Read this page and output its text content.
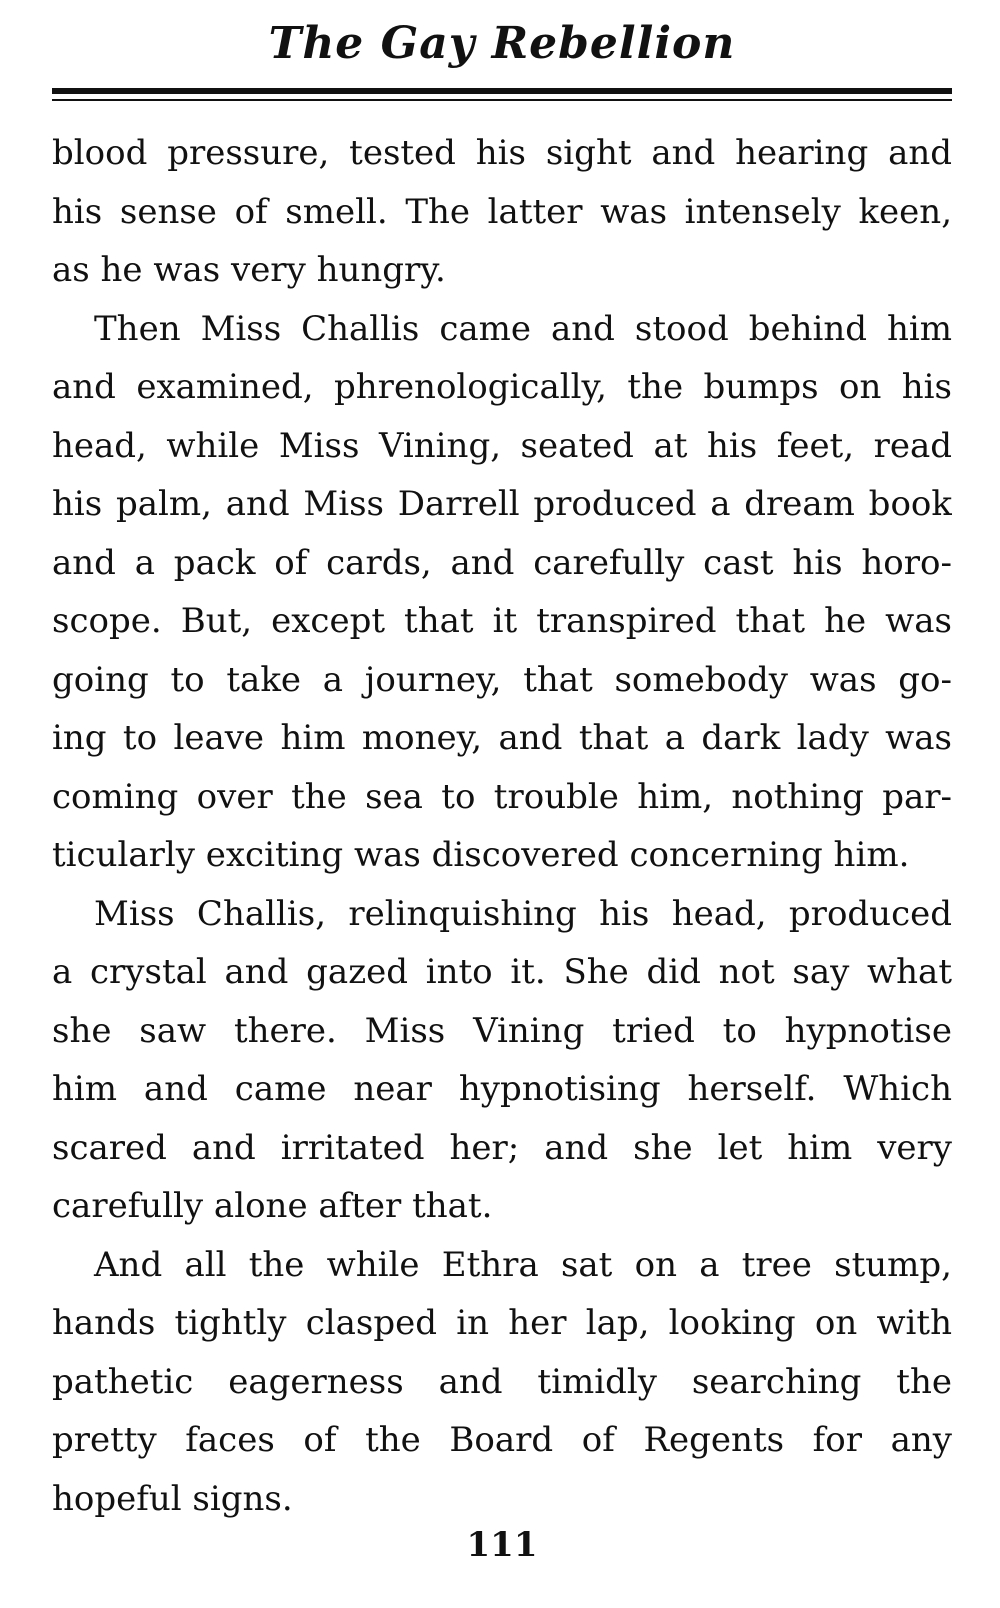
The Gay Rebellion
blood pressure, tested his sight and hearing and
his sense of smell. The latter was intensely keen,
as he was very hungry.
Then Miss Challis came and stood behind him
and examined, phrenologically, the bumps on his
head, while Miss Vining, seated at his feet, read
his palm, and Miss Darrell produced a dream book
and a pack of cards, and carefully cast his horo-
scope. But, except that it transpired that he was
going to take a journey, that somebody was go-
ing to leave him money, and that a dark lady was
coming over the sea to trouble him, nothing par-
ticularly exciting was discovered concerning him.
Miss Challis, relinquishing his head, produced
a crystal and gazed into it. She did not say what
she saw there. Miss Vining tried to hypnotise
him and came near hypnotising herself. Which
scared and irritated her; and she let him very
carefully alone after that.
And all the while Ethra sat on a tree stump,
hands tightly clasped in her lap, looking on with
pathetic eagerness and timidly searching the
pretty faces of the Board of Regents for any
hopeful signs.
111
